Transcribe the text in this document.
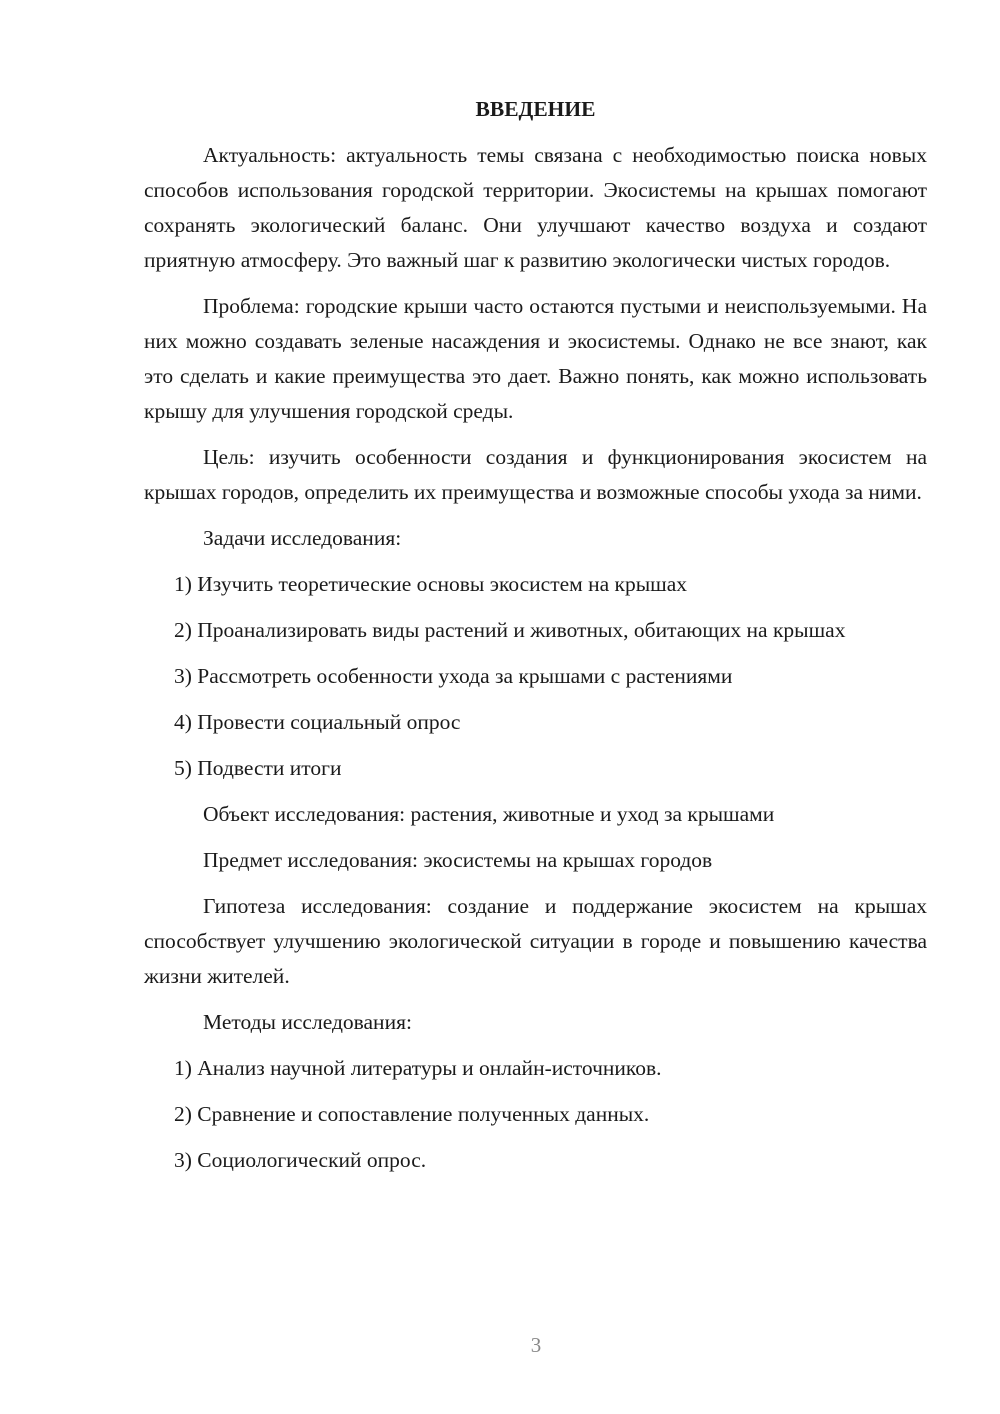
ВВЕДЕНИЕ

Актуальность: актуальность темы связана с необходимостью поиска новых способов использования городской территории. Экосистемы на крышах помогают сохранять экологический баланс. Они улучшают качество воздуха и создают приятную атмосферу. Это важный шаг к развитию экологически чистых городов.

Проблема: городские крыши часто остаются пустыми и неиспользуемыми. На них можно создавать зеленые насаждения и экосистемы. Однако не все знают, как это сделать и какие преимущества это дает. Важно понять, как можно использовать крышу для улучшения городской среды.

Цель: изучить особенности создания и функционирования экосистем на крышах городов, определить их преимущества и возможные способы ухода за ними.

Задачи исследования:

1) Изучить теоретические основы экосистем на крышах

2) Проанализировать виды растений и животных, обитающих на крышах

3) Рассмотреть особенности ухода за крышами с растениями

4) Провести социальный опрос

5) Подвести итоги

Объект исследования: растения, животные и уход за крышами

Предмет исследования: экосистемы на крышах городов

Гипотеза исследования: создание и поддержание экосистем на крышах способствует улучшению экологической ситуации в городе и повышению качества жизни жителей.

Методы исследования:

1) Анализ научной литературы и онлайн-источников.

2) Сравнение и сопоставление полученных данных.

3) Социологический опрос.

3
